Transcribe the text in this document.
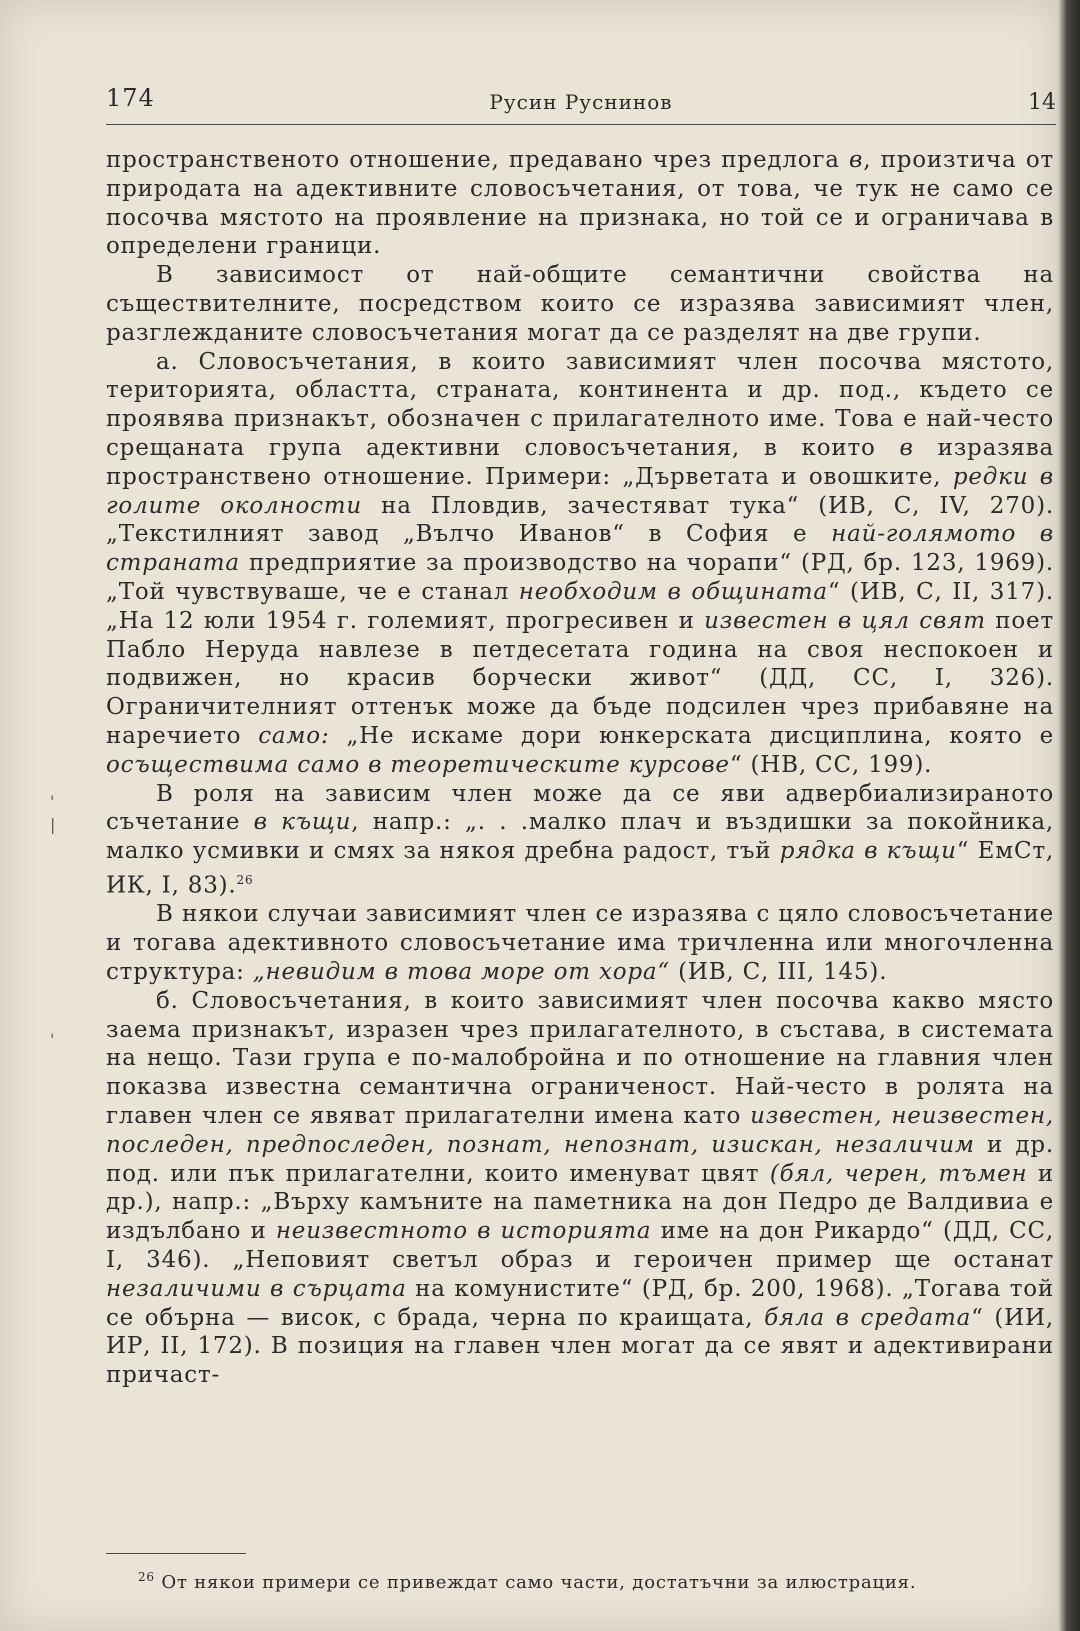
174	Русин Руснинов	14

пространственото отношение, предавано чрез предлога в, произтича от природата на адективните словосъчетания, от това, че тук не само се посочва мястото на проявление на признака, но той се и ограничава в определени граници.

В зависимост от най-общите семантични свойства на съществителните, посредством които се изразява зависимият член, разглежданите словосъчетания могат да се разделят на две групи.

а. Словосъчетания, в които зависимият член посочва мястото, територията, областта, страната, континента и др. под., където се проявява признакът, обозначен с прилагателното име. Това е най-често срещаната група адективни словосъчетания, в които в изразява пространствено отношение. Примери: „Дърветата и овошките, редки в голите околности на Пловдив, зачестяват тука“ (ИВ, С, IV, 270). „Текстилният завод „Вълчо Иванов“ в София е най-голямото в страната предприятие за производство на чорапи“ (РД, бр. 123, 1969). „Той чувствуваше, че е станал необходим в общината“ (ИВ, С, II, 317). „На 12 юли 1954 г. големият, прогресивен и известен в цял свят поет Пабло Неруда навлезе в петдесетата година на своя неспокоен и подвижен, но красив борчески живот“ (ДД, СС, I, 326). Ограничителният оттенък може да бъде подсилен чрез прибавяне на наречието само: „Не искаме дори юнкерската дисциплина, която е осъществима само в теоретическите курсове“ (НВ, СС, 199).

В роля на зависим член може да се яви адвербиализираното съчетание в къщи, напр.: „. . .малко плач и въздишки за покойника, малко усмивки и смях за някоя дребна радост, тъй рядка в къщи“ ЕмСт, ИК, I, 83).$^{26}$

В някои случаи зависимият член се изразява с цяло словосъчетание и тогава адективното словосъчетание има тричленна или многочленна структура: „невидим в това море от хора“ (ИВ, С, III, 145).

б. Словосъчетания, в които зависимият член посочва какво място заема признакът, изразен чрез прилагателното, в състава, в системата на нещо. Тази група е по-малобройна и по отношение на главния член показва известна семантична ограниченост. Най-често в ролята на главен член се явяват прилагателни имена като известен, неизвестен, последен, предпоследен, познат, непознат, изискан, незаличим и др. под. или пък прилагателни, които именуват цвят (бял, черен, тъмен и др.), напр.: „Върху камъните на паметника на дон Педро де Валдивиа е издълбано и неизвестното в историята име на дон Рикардо“ (ДД, СС, I, 346). „Неповият светъл образ и героичен пример ще останат незаличими в сърцата на комунистите“ (РД, бр. 200, 1968). „Тогава той се обърна — висок, с брада, черна по краищата, бяла в средата“ (ИИ, ИР, II, 172). В позиция на главен член могат да се явят и адективирани причаст-

'
|
'
$^{26}$ От някои примери се привеждат само части, достатъчни за илюстрация.
